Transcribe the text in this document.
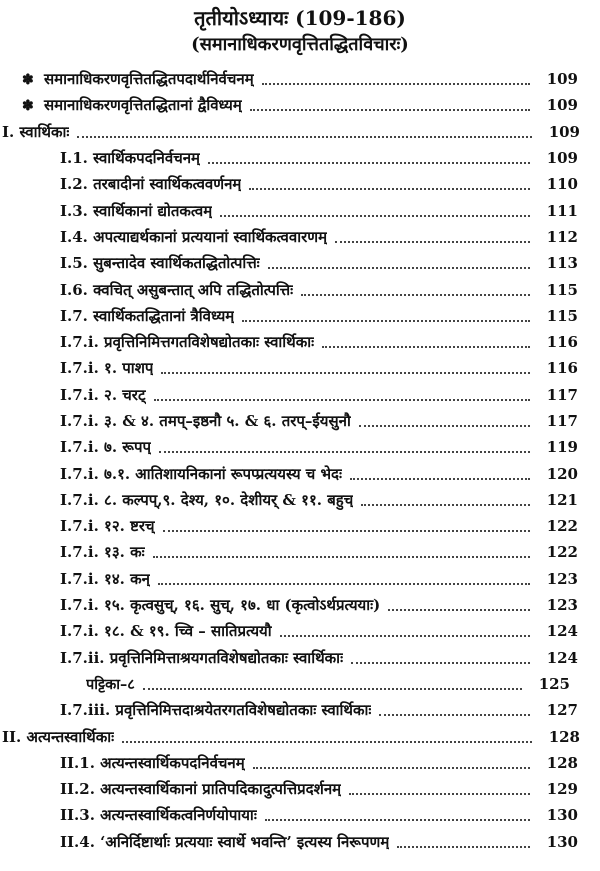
तृतीयोऽध्यायः (109-186)
(समानाधिकरणवृत्तितद्धितविचारः)
✽ समानाधिकरणवृत्तितद्धितपदार्थनिर्वचनम्	109
✽ समानाधिकरणवृत्तितद्धितानां द्वैविध्यम्	109
I. स्वार्थिकाः	109
I.1. स्वार्थिकपदनिर्वचनम्	109
I.2. तरबादीनां स्वार्थिकत्ववर्णनम्	110
I.3. स्वार्थिकानां द्योतकत्वम्	111
I.4. अपत्याद्यर्थकानां प्रत्ययानां स्वार्थिकत्ववारणम्	112
I.5. सुबन्तादेव स्वार्थिकतद्धितोत्पत्तिः	113
I.6. क्वचित् असुबन्तात् अपि तद्धितोत्पत्तिः	115
I.7. स्वार्थिकतद्धितानां त्रैविध्यम्	115
I.7.i. प्रवृत्तिनिमित्तगतविशेषद्योतकाः स्वार्थिकाः	116
I.7.i. १. पाशप्	116
I.7.i. २. चरट्	117
I.7.i. ३. & ४. तमप्–इष्ठनौ ५. & ६. तरप्–ईयसुनौ	117
I.7.i. ७. रूपप्	119
I.7.i. ७.१. आतिशायनिकानां रूपप्प्रत्ययस्य च भेदः	120
I.7.i. ८. कल्पप्,९. देश्य, १०. देशीयर् & ११. बहुच्	121
I.7.i. १२. ष्टरच्	122
I.7.i. १३. कः	122
I.7.i. १४. कन्	123
I.7.i. १५. कृत्वसुच्, १६. सुच्, १७. धा (कृत्वोऽर्थप्रत्ययाः)	123
I.7.i. १८. & १९. च्वि – सातिप्रत्ययौ	124
I.7.ii. प्रवृत्तिनिमित्ताश्रयगतविशेषद्योतकाः स्वार्थिकाः	124
पट्टिका–८	125
I.7.iii. प्रवृत्तिनिमित्तदाश्रयेतरगतविशेषद्योतकाः स्वार्थिकाः	127
II. अत्यन्तस्वार्थिकाः	128
II.1. अत्यन्तस्वार्थिकपदनिर्वचनम्	128
II.2. अत्यन्तस्वार्थिकानां प्रातिपदिकादुत्पत्तिप्रदर्शनम्	129
II.3. अत्यन्तस्वार्थिकत्वनिर्णयोपायाः	130
II.4. ‘अनिर्दिष्टार्थाः प्रत्ययाः स्वार्थे भवन्ति’ इत्यस्य निरूपणम्	130
